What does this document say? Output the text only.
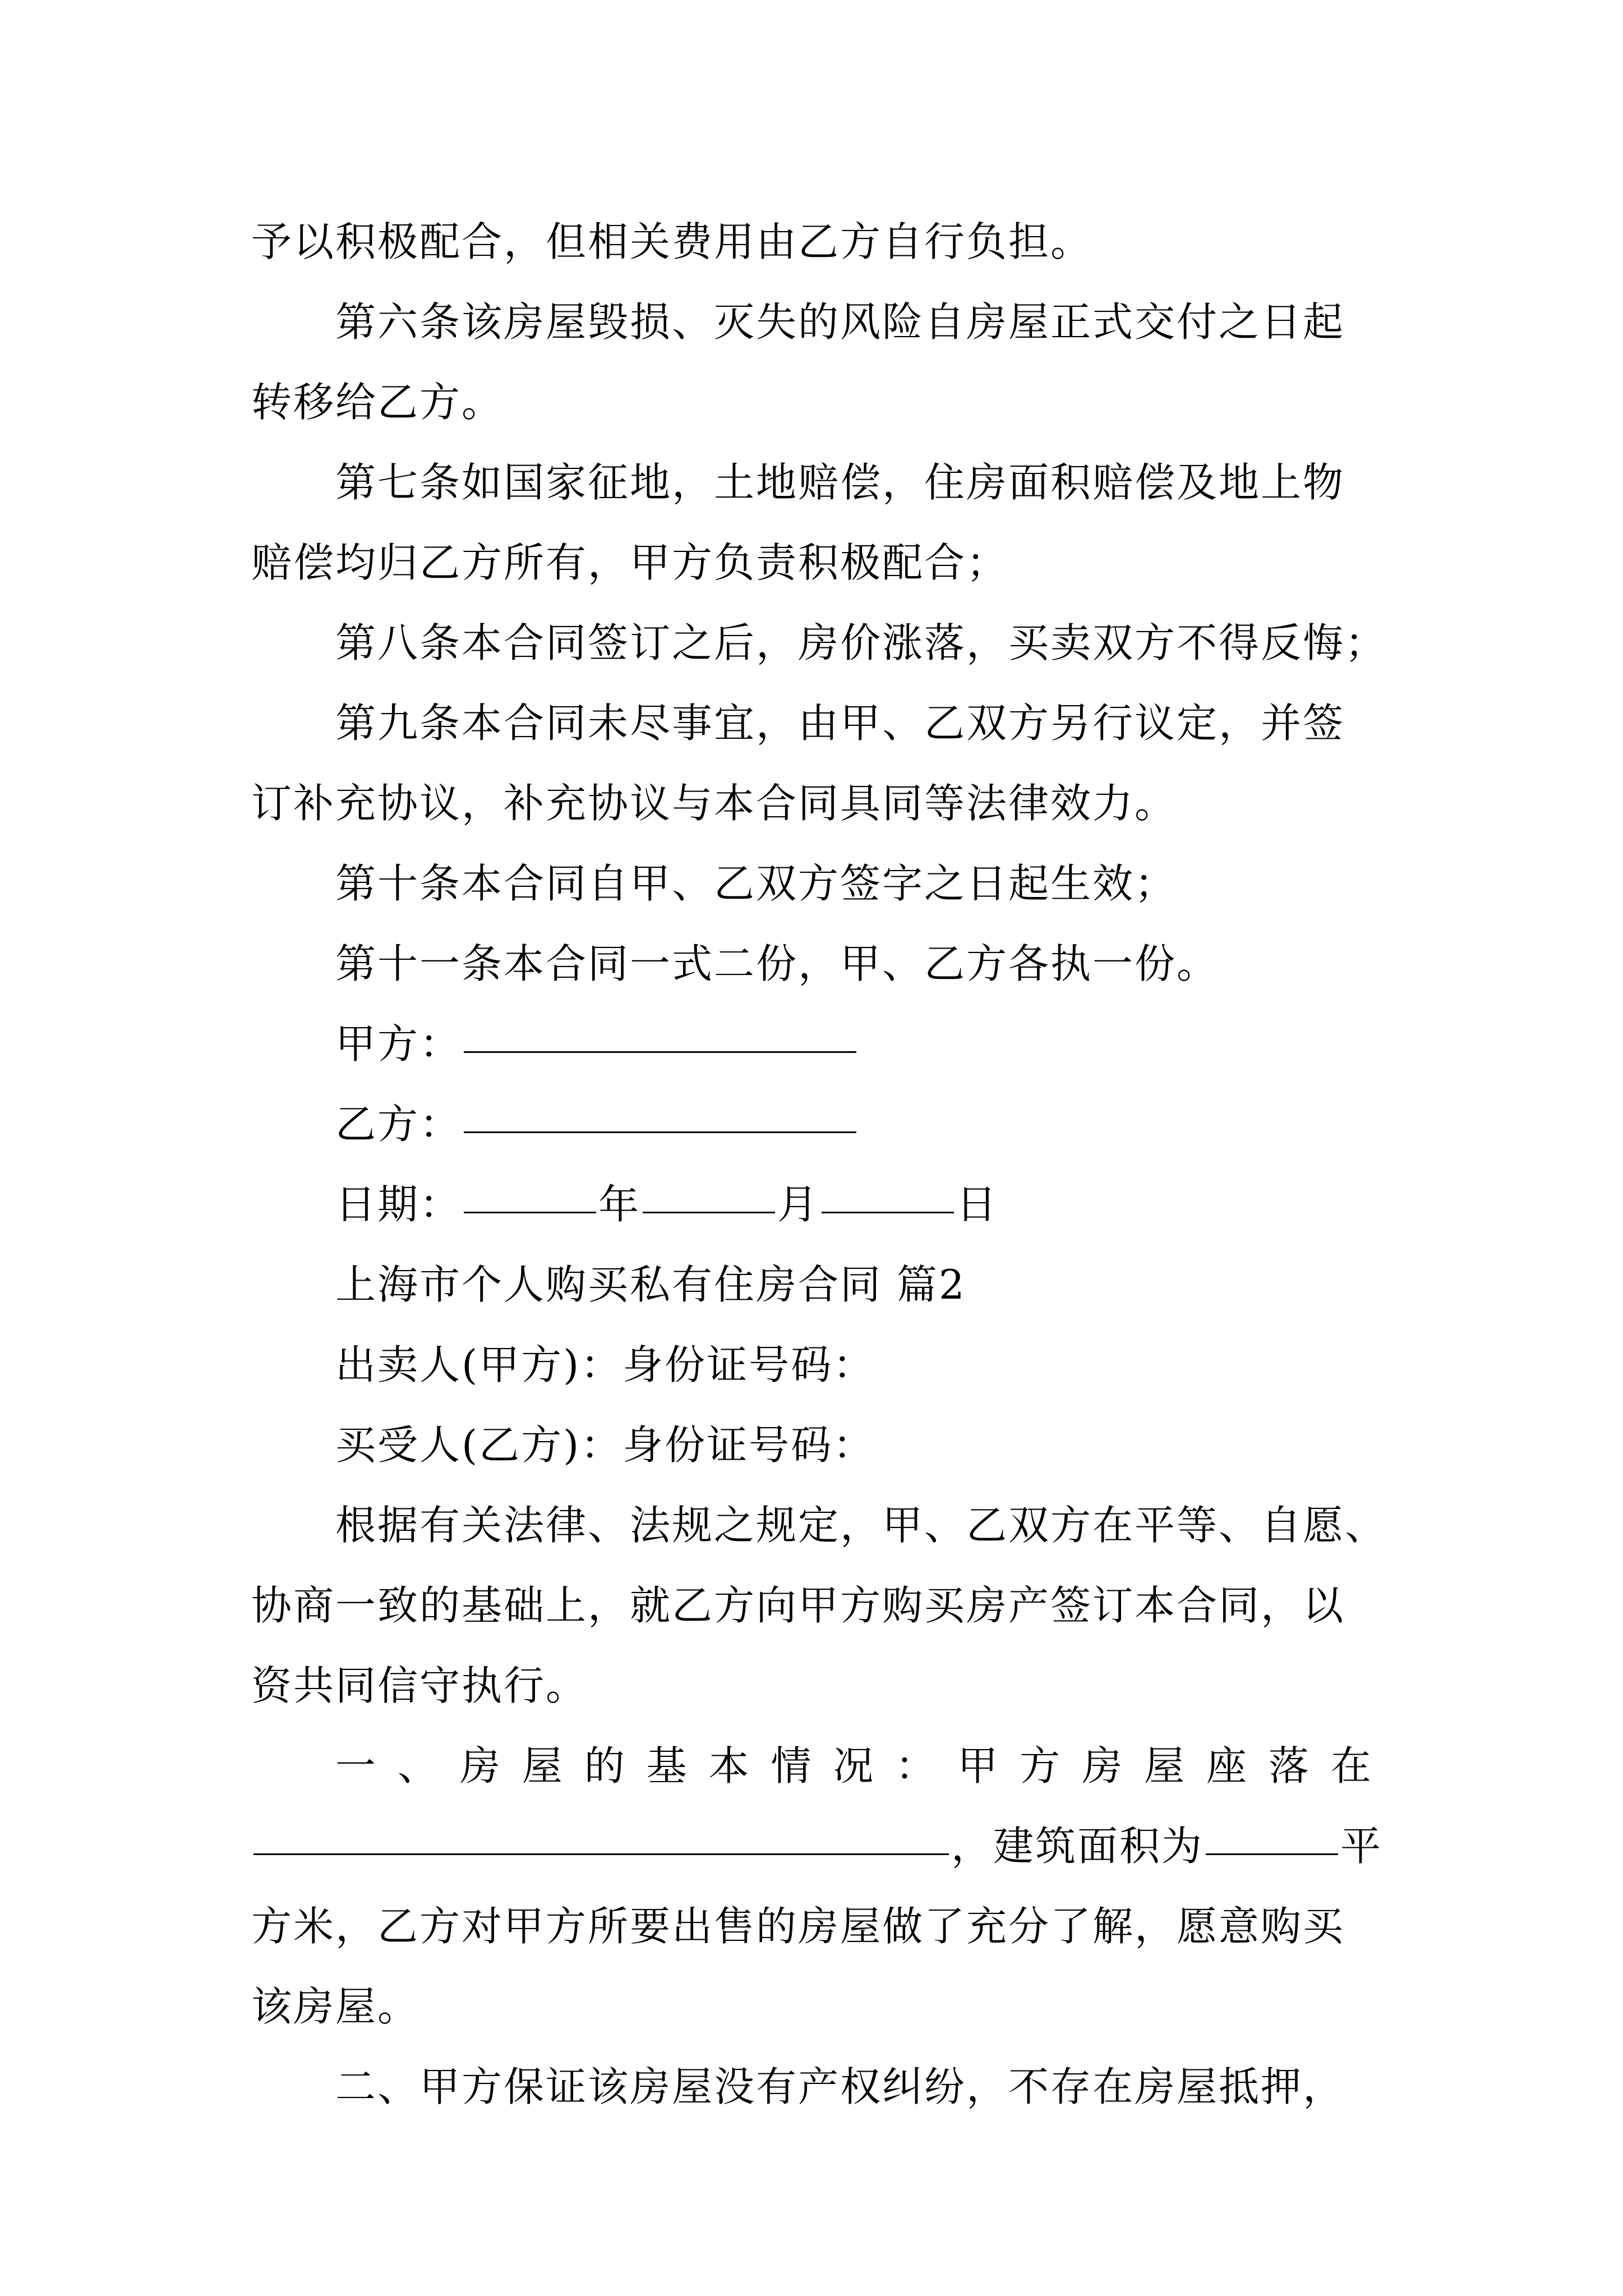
予以积极配合，但相关费用由乙方自行负担。
第六条该房屋毁损、灭失的风险自房屋正式交付之日起
转移给乙方。
第七条如国家征地，土地赔偿，住房面积赔偿及地上物
赔偿均归乙方所有，甲方负责积极配合；
第八条本合同签订之后，房价涨落，买卖双方不得反悔；
第九条本合同未尽事宜，由甲、乙双方另行议定，并签
订补充协议，补充协议与本合同具同等法律效力。
第十条本合同自甲、乙双方签字之日起生效；
第十一条本合同一式二份，甲、乙方各执一份。
甲方：
乙方：
日期：	年	月	日
上海市个人购买私有住房合同 篇2
出卖人(甲方)：身份证号码：
买受人(乙方)：身份证号码：
根据有关法律、法规之规定，甲、乙双方在平等、自愿、
协商一致的基础上，就乙方向甲方购买房产签订本合同，以
资共同信守执行。
一 、 房 屋 的 基 本 情 况 ： 甲 方 房 屋 座 落 在
，建筑面积为	平
方米，乙方对甲方所要出售的房屋做了充分了解，愿意购买
该房屋。
二、甲方保证该房屋没有产权纠纷，不存在房屋抵押，
